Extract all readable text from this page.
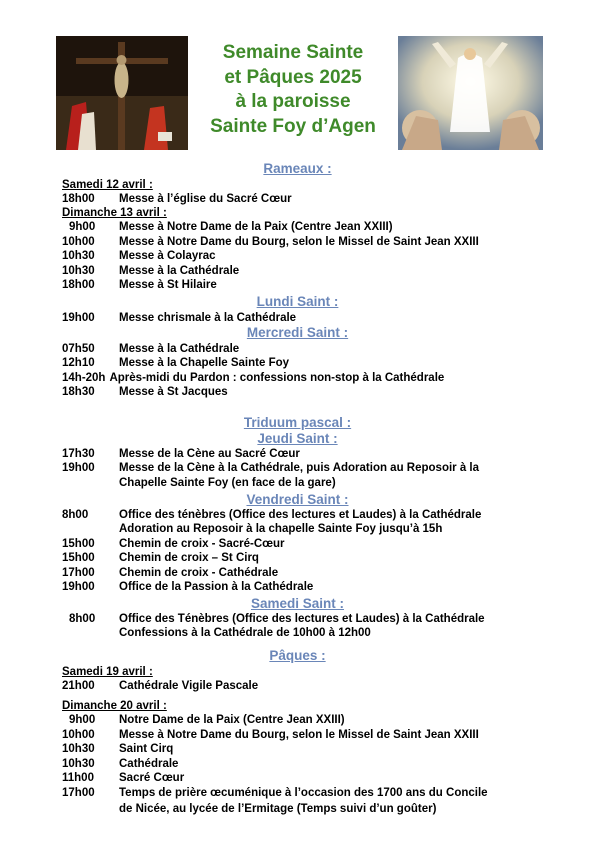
Semaine Sainte
et Pâques 2025
à la paroisse
Sainte Foy d’Agen
Rameaux :
Samedi 12 avril :
18h00 Messe à l’église du Sacré Cœur
Dimanche 13 avril :
9h00 Messe à Notre Dame de la Paix (Centre Jean XXIII)
10h00 Messe à Notre Dame du Bourg, selon le Missel de Saint Jean XXIII
10h30 Messe à Colayrac
10h30 Messe à la Cathédrale
18h00 Messe à St Hilaire
Lundi Saint :
19h00 Messe chrismale à la Cathédrale
Mercredi Saint :
07h50 Messe à la Cathédrale
12h10 Messe à la Chapelle Sainte Foy
14h-20h Après-midi du Pardon : confessions non-stop à la Cathédrale
18h30 Messe à St Jacques
Triduum pascal :
Jeudi Saint :
17h30 Messe de la Cène au Sacré Cœur
19h00 Messe de la Cène à la Cathédrale, puis Adoration au Reposoir à la
Chapelle Sainte Foy (en face de la gare)
Vendredi Saint :
8h00	Office des ténèbres (Office des lectures et Laudes) à la Cathédrale
Adoration au Reposoir à la chapelle Sainte Foy jusqu’à 15h
15h00 Chemin de croix - Sacré-Cœur
15h00 Chemin de croix – St Cirq
17h00 Chemin de croix - Cathédrale
19h00 Office de la Passion à la Cathédrale
Samedi Saint :
8h00 Office des Ténèbres (Office des lectures et Laudes) à la Cathédrale
Confessions à la Cathédrale de 10h00 à 12h00
Pâques :
Samedi 19 avril :
21h00 Cathédrale Vigile Pascale
Dimanche 20 avril :
9h00 Notre Dame de la Paix (Centre Jean XXIII)
10h00 Messe à Notre Dame du Bourg, selon le Missel de Saint Jean XXIII
10h30 Saint Cirq
10h30 Cathédrale
11h00 Sacré Cœur
17h00 Temps de prière œcuménique à l’occasion des 1700 ans du Concile
de Nicée, au lycée de l’Ermitage (Temps suivi d’un goûter)
